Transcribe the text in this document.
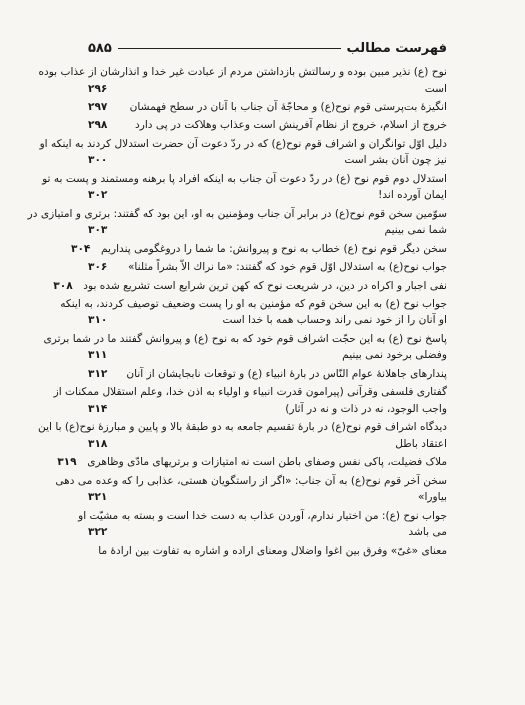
فهرست مطالب
۵۸۵
نوح (ع) نذیر مبین بوده و رسالتش بازداشتن مردم از عبادت غیر خدا و انذارشان از عذاب بوده
است
۲۹۶
انگیزهٔ بت‌پرستی قوم نوح(ع) و محاجّهٔ آن جناب با آنان در سطح فهمشان
۲۹۷
خروج از اسلام، خروج از نظام آفرینش است وعذاب وهلاکت در پی دارد
۲۹۸
دلیل اوّل توانگران و اشراف قوم نوح(ع) که در ردّ دعوت آن حضرت استدلال کردند به اینکه او
نیز چون آنان بشر است
۳۰۰
استدلال دوم قوم نوح (ع) در ردّ دعوت آن جناب به اینکه افراد پا برهنه ومستمند و پست به تو
ایمان آورده اند!
۳۰۲
سوّمین سخن قوم نوح(ع) در برابر آن جناب ومؤمنین به او، این بود که گفتند: برتری و امتیازی در
شما نمی بینیم
۳۰۳
سخن دیگر قوم نوح (ع) خطاب به نوح و پیروانش: ما شما را دروغگومی پنداریم
۳۰۴
جواب نوح(ع) به استدلال اوّل قوم خود که گفتند: «ما نراك الاّ بشراً مثلنا»
۳۰۶
نفی اجبار و اکراه در دین، در شریعت نوح که کهن ترین شرایع است تشریع شده بود
۳۰۸
جواب نوح (ع) به این سخن قوم که مؤمنین به او را پست وضعیف توصیف کردند، به اینکه
او آنان را از خود نمی راند وحساب همه با خدا است
۳۱۰
پاسخ نوح (ع) به این حجّت اشراف قوم خود که به نوح (ع) و پیروانش گفتند ما در شما برتری
وفضلی برخود نمی بینیم
۳۱۱
پندارهای جاهلانهٔ عوام النّاس در بارهٔ انبیاء (ع) و توقعات نابجایشان از آنان
۳۱۲
گفتاری فلسفی وقرآنی (پیرامون قدرت انبیاء و اولیاء به اذن خدا، وعلم استقلال ممکنات از
واجب الوجود، نه در ذات و نه در آثار)
۳۱۴
دیدگاه اشراف قوم نوح(ع) در بارهٔ تقسیم جامعه به دو طبقهٔ بالا و پایین و مبارزهٔ نوح(ع) با این
اعتقاد باطل
۳۱۸
ملاک فضیلت، پاکی نفس وصفای باطن است نه امتیازات و برتریهای مادّی وظاهری
۳۱۹
سخن آخر قوم نوح(ع) به آن جناب: «اگر از راستگویان هستی، عذابی را که وعده می دهی
بیاورا»
۳۲۱
جواب نوح (ع): من اختیار ندارم، آوردن عذاب به دست خدا است و بسته به مشیّت او
می باشد
۳۲۲
معنای «غیّ» وفرق بین اغوا واضلال ومعنای اراده و اشاره به تفاوت بین ارادهٔ ما
